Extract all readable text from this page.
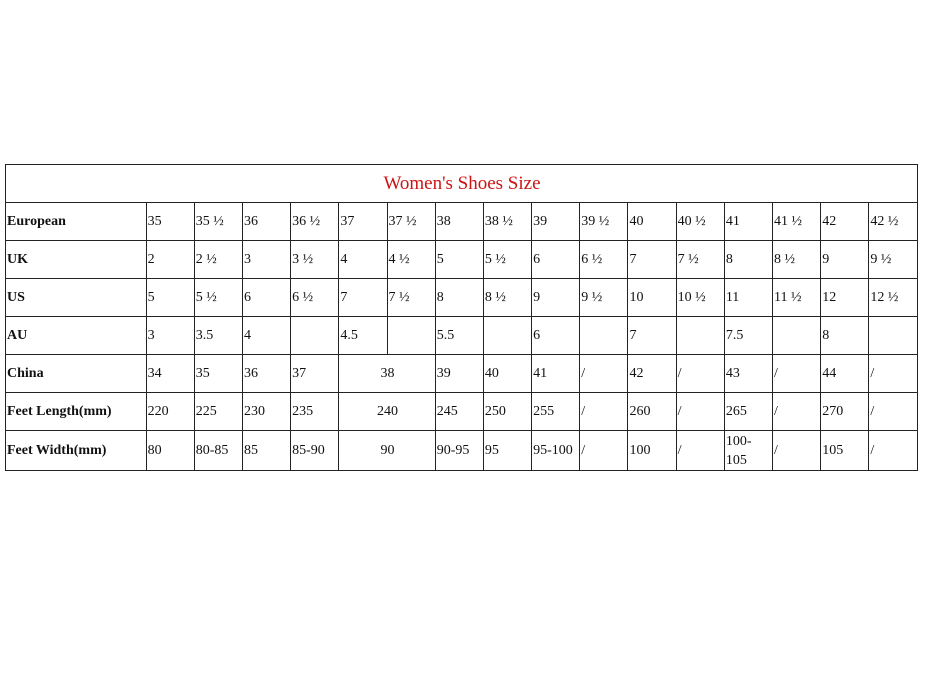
Women's Shoes Size																
European	35	35 ½	36	36 ½	37	37 ½	38	38 ½	39	39 ½	40	40 ½	41	41 ½	42	42 ½
UK	2	2 ½	3	3 ½	4	4 ½	5	5 ½	6	6 ½	7	7 ½	8	8 ½	9	9 ½
US	5	5 ½	6	6 ½	7	7 ½	8	8 ½	9	9 ½	10	10 ½	11	11 ½	12	12 ½
AU	3	3.5	4		4.5		5.5		6		7		7.5		8	
China	34	35	36	37	38		39	40	41	/	42	/	43	/	44	/
Feet Length(mm)	220	225	230	235	240		245	250	255	/	260	/	265	/	270	/
Feet Width(mm)	80	80-85	85	85-90	90		90-95	95	95-100	/	100	/	100-105	/	105	/
